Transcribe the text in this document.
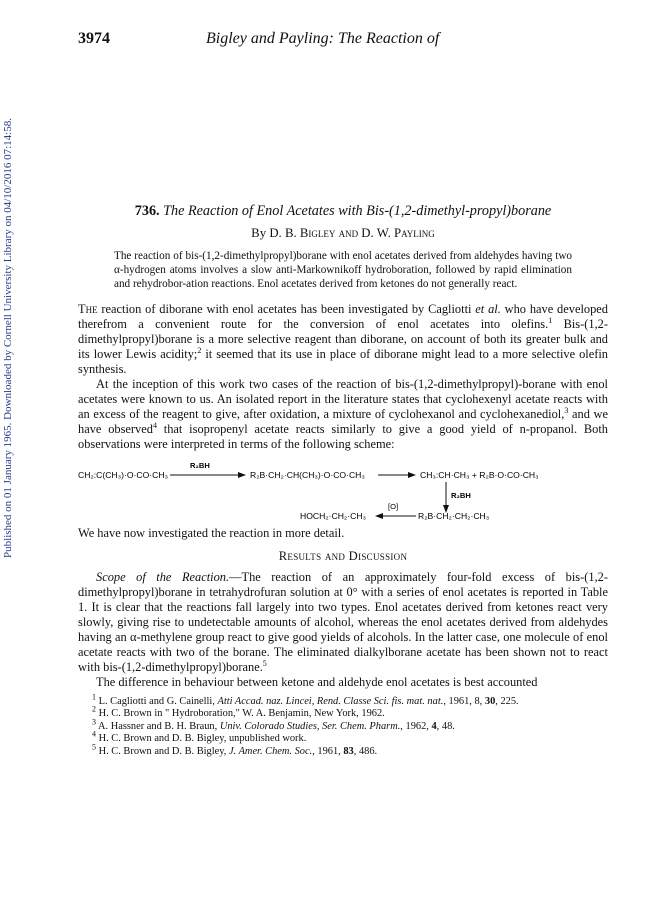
Published on 01 January 1965. Downloaded by Cornell University Library on 04/10/2016 07:14:58.
3974	Bigley and Payling: The Reaction of
736. The Reaction of Enol Acetates with Bis-(1,2-dimethyl-propyl)borane
By D. B. Bigley and D. W. Payling
The reaction of bis-(1,2-dimethylpropyl)borane with enol acetates derived from aldehydes having two α-hydrogen atoms involves a slow anti-Markownikoff hydroboration, followed by rapid elimination and rehydrobor-ation reactions. Enol acetates derived from ketones do not generally react.

The reaction of diborane with enol acetates has been investigated by Cagliotti et al. who have developed therefrom a convenient route for the conversion of enol acetates into olefins.$^1$ Bis-(1,2-dimethylpropyl)borane is a more selective reagent than diborane, on account of both its greater bulk and its lower Lewis acidity;$^2$ it seemed that its use in place of diborane might lead to a more selective olefin synthesis.

At the inception of this work two cases of the reaction of bis-(1,2-dimethylpropyl)-borane with enol acetates were known to us. An isolated report in the literature states that cyclohexenyl acetate reacts with an excess of the reagent to give, after oxidation, a mixture of cyclohexanol and cyclohexanediol,$^3$ and we have observed$^4$ that isopropenyl acetate reacts similarly to give a good yield of n-propanol. Both observations were interpreted in terms of the following scheme:

CH₂:C(CH₃)·O·CO·CH₃
R₂BH
R₂B·CH₂·CH(CH₃)·O·CO·CH₃	CH₃:CH·CH₃ + R₂B·O·CO·CH₃
R₂BH
R₂B·CH₂·CH₂·CH₃
[O]
HOCH₂·CH₂·CH₃

We have now investigated the reaction in more detail.

Results and Discussion

Scope of the Reaction.—The reaction of an approximately four-fold excess of bis-(1,2-dimethylpropyl)borane in tetrahydrofuran solution at 0° with a series of enol acetates is reported in Table 1. It is clear that the reactions fall largely into two types. Enol acetates derived from ketones react very slowly, giving rise to undetectable amounts of alcohol, whereas the enol acetates derived from aldehydes having an α-methylene group react to give good yields of alcohols. In the latter case, one molecule of enol acetate reacts with two of the borane. The eliminated dialkylborane acetate has been shown not to react with bis-(1,2-dimethylpropyl)borane.$^5$

The difference in behaviour between ketone and aldehyde enol acetates is best accounted

$^1$ L. Cagliotti and G. Cainelli, Atti Accad. naz. Lincei, Rend. Classe Sci. fis. mat. nat., 1961, 8, 30, 225.
$^2$ H. C. Brown in " Hydroboration," W. A. Benjamin, New York, 1962.
$^3$ A. Hassner and B. H. Braun, Univ. Colorado Studies, Ser. Chem. Pharm., 1962, 4, 48.
$^4$ H. C. Brown and D. B. Bigley, unpublished work.
$^5$ H. C. Brown and D. B. Bigley, J. Amer. Chem. Soc., 1961, 83, 486.
